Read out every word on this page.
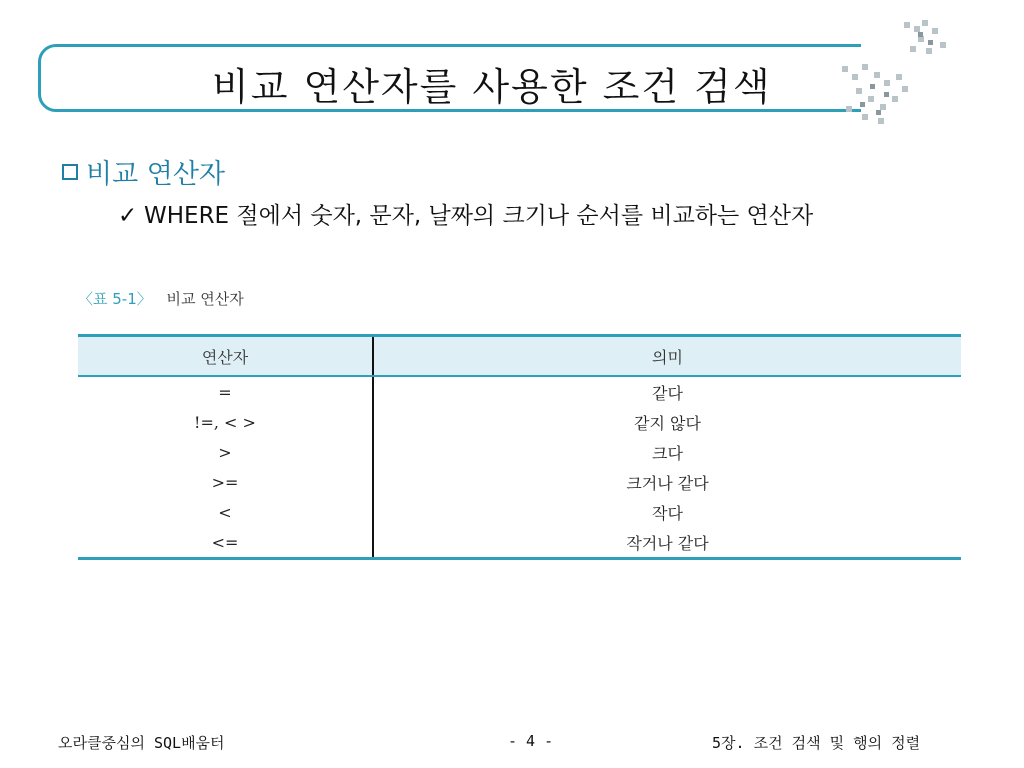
비교 연산자를 사용한 조건 검색
비교 연산자
✓ WHERE 절에서 숫자, 문자, 날짜의 크기나 순서를 비교하는 연산자
〈표 5-1〉 비교 연산자
연산자	의미
=	같다
!=, < >	같지 않다
>	크다
>=	크거나 같다
<	작다
<=	작거나 같다
오라클중심의 SQL배움터	- 4 -	5장. 조건 검색 및 행의 정렬
